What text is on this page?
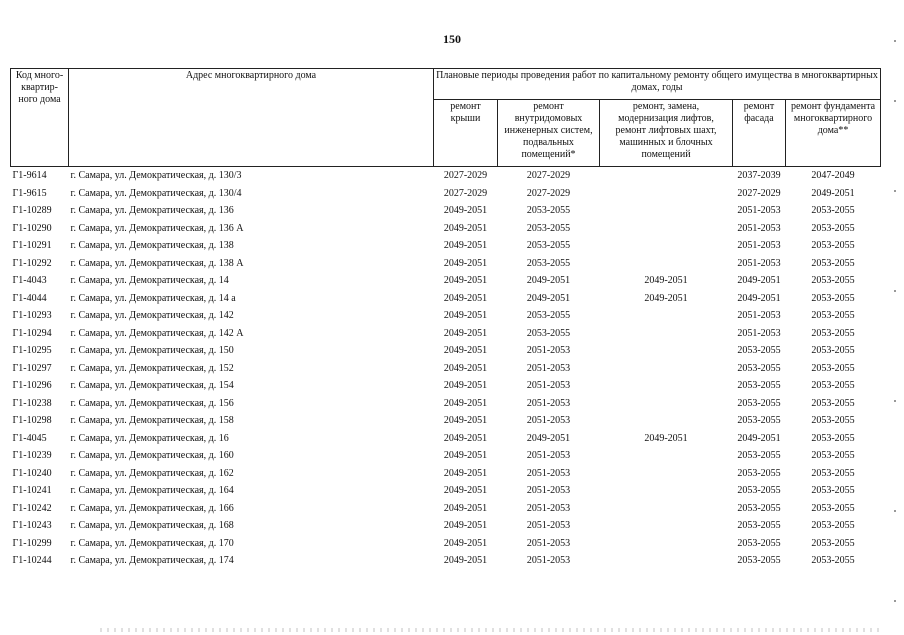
150
Код много-квартир-ного дома	Адрес многоквартирного дома	Плановые периоды проведения работ по капитальному ремонту общего имущества в многоквартирных домах, годы				
		ремонт крыши	ремонт внутридомовых инженерных систем, подвальных помещений*	ремонт, замена, модернизация лифтов, ремонт лифтовых шахт, машинных и блочных помещений	ремонт фасада	ремонт фундамента многоквартирного дома**
Г1-9614	г. Самара, ул. Демократическая, д. 130/3	2027-2029	2027-2029		2037-2039	2047-2049
Г1-9615	г. Самара, ул. Демократическая, д. 130/4	2027-2029	2027-2029		2027-2029	2049-2051
Г1-10289	г. Самара, ул. Демократическая, д. 136	2049-2051	2053-2055		2051-2053	2053-2055
Г1-10290	г. Самара, ул. Демократическая, д. 136 А	2049-2051	2053-2055		2051-2053	2053-2055
Г1-10291	г. Самара, ул. Демократическая, д. 138	2049-2051	2053-2055		2051-2053	2053-2055
Г1-10292	г. Самара, ул. Демократическая, д. 138 А	2049-2051	2053-2055		2051-2053	2053-2055
Г1-4043	г. Самара, ул. Демократическая, д. 14	2049-2051	2049-2051	2049-2051	2049-2051	2053-2055
Г1-4044	г. Самара, ул. Демократическая, д. 14 а	2049-2051	2049-2051	2049-2051	2049-2051	2053-2055
Г1-10293	г. Самара, ул. Демократическая, д. 142	2049-2051	2053-2055		2051-2053	2053-2055
Г1-10294	г. Самара, ул. Демократическая, д. 142 А	2049-2051	2053-2055		2051-2053	2053-2055
Г1-10295	г. Самара, ул. Демократическая, д. 150	2049-2051	2051-2053		2053-2055	2053-2055
Г1-10297	г. Самара, ул. Демократическая, д. 152	2049-2051	2051-2053		2053-2055	2053-2055
Г1-10296	г. Самара, ул. Демократическая, д. 154	2049-2051	2051-2053		2053-2055	2053-2055
Г1-10238	г. Самара, ул. Демократическая, д. 156	2049-2051	2051-2053		2053-2055	2053-2055
Г1-10298	г. Самара, ул. Демократическая, д. 158	2049-2051	2051-2053		2053-2055	2053-2055
Г1-4045	г. Самара, ул. Демократическая, д. 16	2049-2051	2049-2051	2049-2051	2049-2051	2053-2055
Г1-10239	г. Самара, ул. Демократическая, д. 160	2049-2051	2051-2053		2053-2055	2053-2055
Г1-10240	г. Самара, ул. Демократическая, д. 162	2049-2051	2051-2053		2053-2055	2053-2055
Г1-10241	г. Самара, ул. Демократическая, д. 164	2049-2051	2051-2053		2053-2055	2053-2055
Г1-10242	г. Самара, ул. Демократическая, д. 166	2049-2051	2051-2053		2053-2055	2053-2055
Г1-10243	г. Самара, ул. Демократическая, д. 168	2049-2051	2051-2053		2053-2055	2053-2055
Г1-10299	г. Самара, ул. Демократическая, д. 170	2049-2051	2051-2053		2053-2055	2053-2055
Г1-10244	г. Самара, ул. Демократическая, д. 174	2049-2051	2051-2053		2053-2055	2053-2055
